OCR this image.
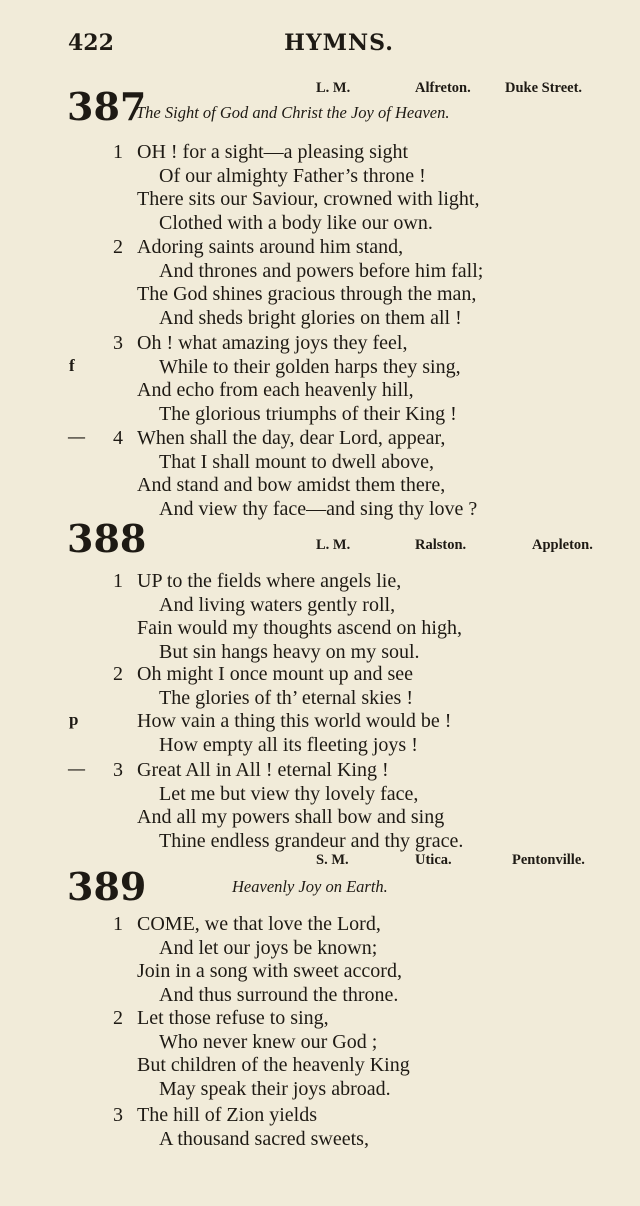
422	HYMNS.
387	L. M.	Alfreton. Duke Street.
The Sight of God and Christ the Joy of Heaven.
1 OH ! for a sight—a pleasing sight
Of our almighty Father’s throne !
There sits our Saviour, crowned with light,
Clothed with a body like our own.
2 Adoring saints around him stand,
And thrones and powers before him fall;
The God shines gracious through the man,
And sheds bright glories on them all !
f
3 Oh ! what amazing joys they feel,
While to their golden harps they sing,
And echo from each heavenly hill,
The glorious triumphs of their King !
— 4 When shall the day, dear Lord, appear,
That I shall mount to dwell above,
And stand and bow amidst them there,
And view thy face—and sing thy love ?
388	L. M.	Ralston.	Appleton.
1 UP to the fields where angels lie,
And living waters gently roll,
Fain would my thoughts ascend on high,
But sin hangs heavy on my soul.
p
2 Oh might I once mount up and see
The glories of th’ eternal skies !
How vain a thing this world would be !
How empty all its fleeting joys !
— 3 Great All in All ! eternal King !
Let me but view thy lovely face,
And all my powers shall bow and sing
Thine endless grandeur and thy grace.
389
S. M.	Utica.	Pentonville.
Heavenly Joy on Earth.
1 COME, we that love the Lord,
And let our joys be known;
Join in a song with sweet accord,
And thus surround the throne.
2 Let those refuse to sing,
Who never knew our God ;
But children of the heavenly King
May speak their joys abroad.
3 The hill of Zion yields
A thousand sacred sweets,
